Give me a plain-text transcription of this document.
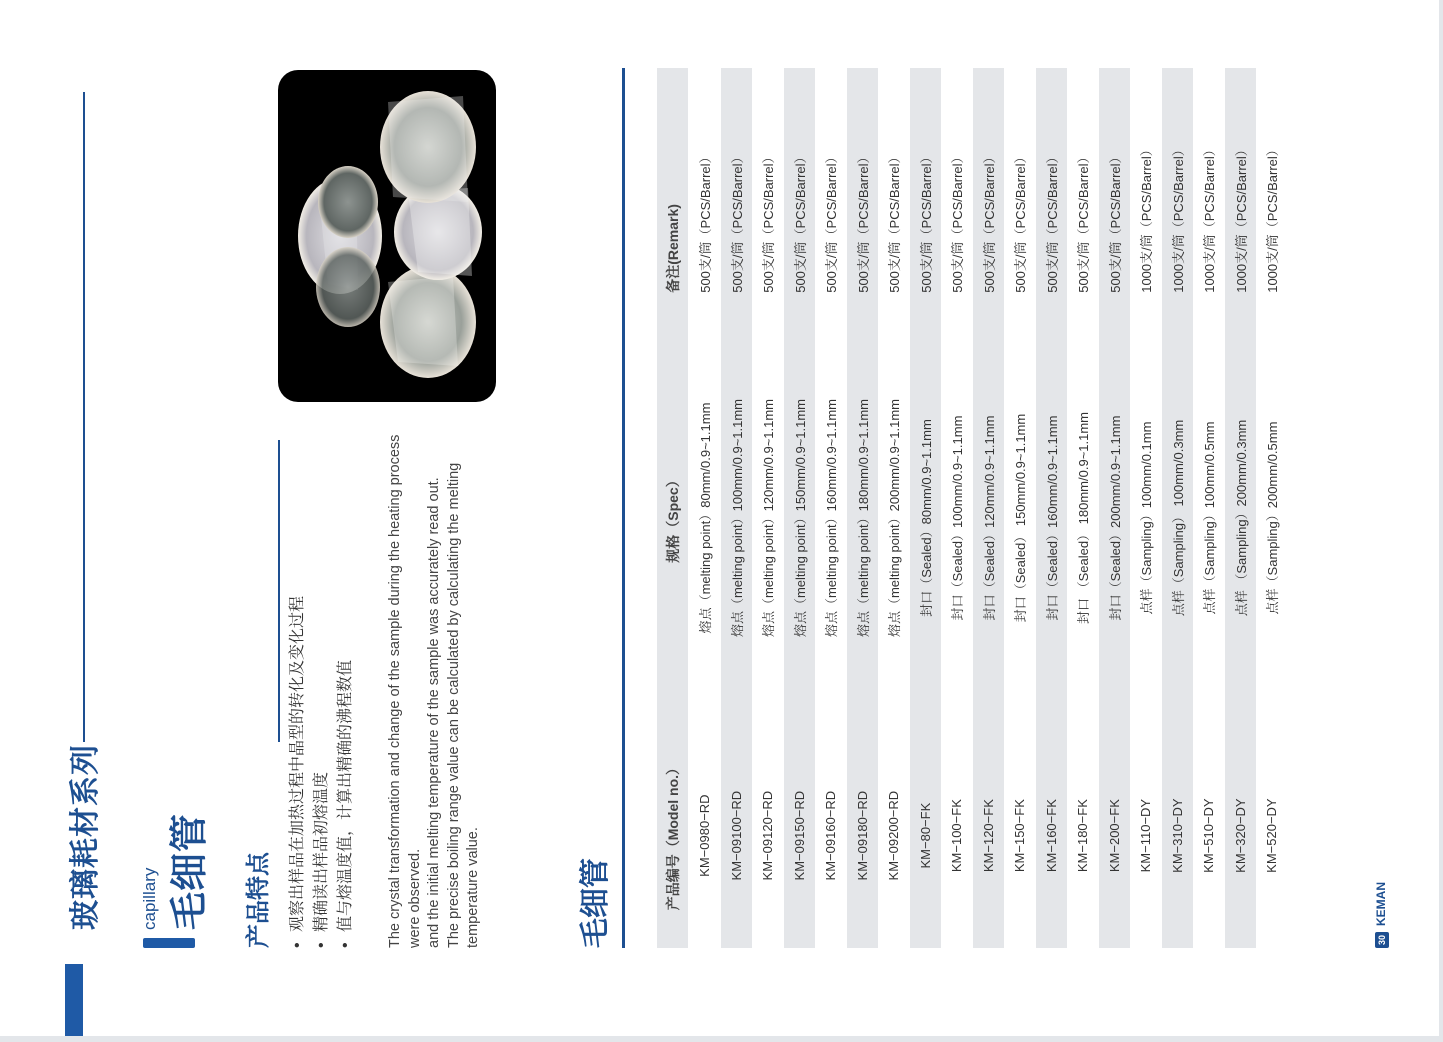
玻璃耗材系列 capillary 毛细管 产品特点 •观察出样品在加热过程中晶型的转化及变化过程
•精确读出样品初熔温度
•值与熔温度值，计算出精确的沸程数值 The crystal transformation and change of the sample during the heating process were observed. and the initial melting temperature of the sample was accurately read out. The precise boiling range value can be calculated by calculating the melting temperature value.	毛细管	产品编号（Model no.）
规格（Spec）
备注(Remark)
KM−0980−RD
熔点（melting point）80mm/0.9~1.1mm
500支/筒（PCS/Barrel）
KM−09100−RD
熔点（melting point）100mm/0.9~1.1mm
500支/筒（PCS/Barrel）
KM−09120−RD
熔点（melting point）120mm/0.9~1.1mm
500支/筒（PCS/Barrel）
KM−09150−RD
熔点（melting point）150mm/0.9~1.1mm
500支/筒（PCS/Barrel）
KM−09160−RD
熔点（melting point）160mm/0.9~1.1mm
500支/筒（PCS/Barrel）
KM−09180−RD
熔点（melting point）180mm/0.9~1.1mm
500支/筒（PCS/Barrel）
KM−09200−RD
熔点（melting point）200mm/0.9~1.1mm
500支/筒（PCS/Barrel）
KM−80−FK
封口（Sealed）80mm/0.9~1.1mm
500支/筒（PCS/Barrel）
KM−100−FK
封口（Sealed）100mm/0.9~1.1mm
500支/筒（PCS/Barrel）
KM−120−FK
封口（Sealed）120mm/0.9~1.1mm
500支/筒（PCS/Barrel）
KM−150−FK
封口（Sealed） 150mm/0.9~1.1mm
500支/筒（PCS/Barrel）
KM−160−FK
封口（Sealed）160mm/0.9~1.1mm
500支/筒（PCS/Barrel）
KM−180−FK
封口 （Sealed） 180mm/0.9~1.1mm
500支/筒（PCS/Barrel）
KM−200−FK
封口（Sealed）200mm/0.9~1.1mm
500支/筒（PCS/Barrel）
KM−110−DY
点样（Sampling）100mm/0.1mm
1000支/筒（PCS/Barrel）
KM−310−DY
点样（Sampling） 100mm/0.3mm
1000支/筒（PCS/Barrel）
KM−510−DY
点样（Sampling）100mm/0.5mm
1000支/筒（PCS/Barrel）
KM−320−DY
点样 （Sampling）200mm/0.3mm
1000支/筒（PCS/Barrel）
KM−520−DY
点样（Sampling）200mm/0.5mm
1000支/筒（PCS/Barrel）
30
KEMAN
